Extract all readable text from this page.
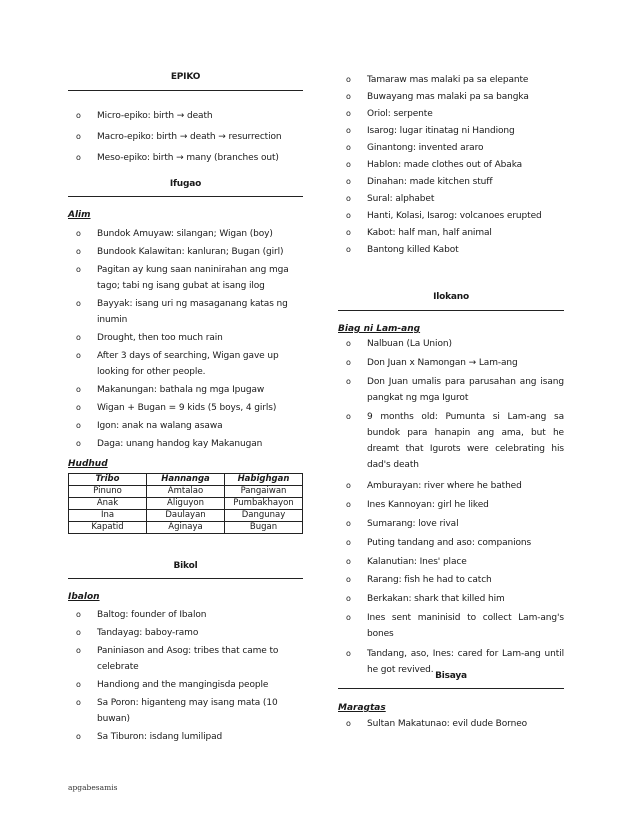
EPIKO
o Micro-epiko: birth → death
o Macro-epiko: birth → death → resurrection
o Meso-epiko: birth → many (branches out)
Ifugao
Alim
o Bundok Amuyaw: silangan; Wigan (boy)
o Bundook Kalawitan: kanluran; Bugan (girl)
o Pagitan ay kung saan naninirahan ang mga
tago; tabi ng isang gubat at isang ilog
o Bayyak: isang uri ng masaganang katas ng
inumin
o Drought, then too much rain
o After 3 days of searching, Wigan gave up
looking for other people.
o Makanungan: bathala ng mga Ipugaw
o Wigan + Bugan = 9 kids (5 boys, 4 girls)
o Igon: anak na walang asawa
o Daga: unang handog kay Makanugan
Hudhud
Tribo	Hannanga	Habighgan
Pinuno	Amtalao	Pangaiwan
Anak	Aliguyon	Pumbakhayon
Ina	Daulayan	Dangunay
Kapatid	Aginaya	Bugan
Bikol
Ibalon
o Baltog: founder of Ibalon
o Tandayag: baboy-ramo
o Paniniason and Asog: tribes that came to
celebrate
o Handiong and the mangingisda people
o Sa Poron: higanteng may isang mata (10
buwan)
o Sa Tiburon: isdang lumilipad
o Tamaraw mas malaki pa sa elepante
o Buwayang mas malaki pa sa bangka
o Oriol: serpente
o Isarog: lugar itinatag ni Handiong
o Ginantong: invented araro
o Hablon: made clothes out of Abaka
o Dinahan: made kitchen stuff
o Sural: alphabet
o Hanti, Kolasi, Isarog: volcanoes erupted
o Kabot: half man, half animal
o Bantong killed Kabot
Ilokano
Biag ni Lam-ang
o Nalbuan (La Union)
o Don Juan x Namongan → Lam-ang
o Don Juan umalis para parusahan ang isang
pangkat ng mga Igurot
o 9 months old: Pumunta si Lam-ang sa
bundok para hanapin ang ama, but he
dreamt that Igurots were celebrating his
dad's death
o Amburayan: river where he bathed
o Ines Kannoyan: girl he liked
o Sumarang: love rival
o Puting tandang and aso: companions
o Kalanutian: Ines' place
o Rarang: fish he had to catch
o Berkakan: shark that killed him
o Ines sent maninisid to collect Lam-ang's
bones
o Tandang, aso, Ines: cared for Lam-ang until
he got revived.
Bisaya
Maragtas
o Sultan Makatunao: evil dude Borneo
apgabesamis
